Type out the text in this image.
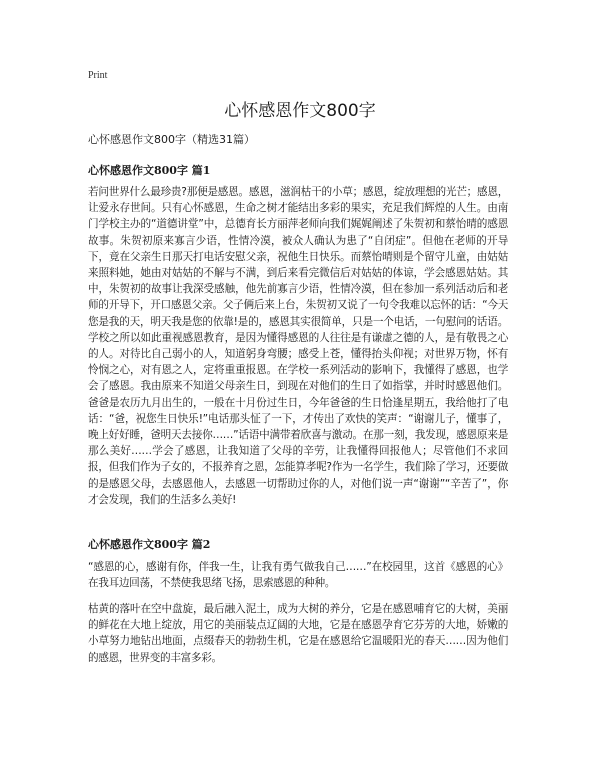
Print
心怀感恩作文800字

心怀感恩作文800字（精选31篇）

心怀感恩作文800字 篇1

若问世界什么最珍贵?那便是感恩。感恩，滋润枯干的小草；感恩，绽放理想的光芒；感恩，让爱永存世间。只有心怀感恩，生命之树才能结出多彩的果实，充足我们辉煌的人生。由南门学校主办的“道德讲堂”中，总德育长方丽萍老师向我们娓娓阐述了朱贺初和蔡怡晴的感恩故事。朱贺初原来寡言少语，性情冷漠，被众人确认为患了“自闭症”。但他在老师的开导下，竟在父亲生日那天打电话安慰父亲，祝他生日快乐。而蔡怡晴则是个留守儿童，由姑姑来照料她，她由对姑姑的不解与不满，到后来看完微信后对姑姑的体谅，学会感恩姑姑。其中，朱贺初的故事让我深受感触，他先前寡言少语，性情冷漠，但在参加一系列活动后和老师的开导下，开口感恩父亲。父子俩后来上台，朱贺初又说了一句令我难以忘怀的话：“今天您是我的天，明天我是您的依靠!是的，感恩其实很简单，只是一个电话，一句慰问的话语。学校之所以如此重视感恩教育，是因为懂得感恩的人往往是有谦虚之德的人，是有敬畏之心的人。对待比自己弱小的人，知道躬身弯腰；感受上苍，懂得抬头仰视；对世界万物，怀有怜悯之心，对有恩之人，定将重重报恩。在学校一系列活动的影响下，我懂得了感恩，也学会了感恩。我由原来不知道父母亲生日，到现在对他们的生日了如指掌，并时时感恩他们。爸爸是农历九月出生的，一般在十月份过生日，今年爸爸的生日恰逢星期五，我给他打了电话：“爸，祝您生日快乐!”电话那头怔了一下，才传出了欢快的笑声：“谢谢儿子，懂事了，晚上好好睡，爸明天去接你……”话语中满带着欣喜与激动。在那一刻，我发现，感恩原来是那么美好……学会了感恩，让我知道了父母的辛劳，让我懂得回报他人；尽管他们不求回报，但我们作为子女的，不报养育之恩，怎能算孝呢?作为一名学生，我们除了学习，还要做的是感恩父母，去感恩他人，去感恩一切帮助过你的人，对他们说一声“谢谢”“辛苦了”，你才会发现，我们的生活多么美好!

心怀感恩作文800字 篇2

“感恩的心，感谢有你，伴我一生，让我有勇气做我自己……”在校园里，这首《感恩的心》在我耳边回荡，不禁使我思绪飞扬，思索感恩的种种。

枯黄的落叶在空中盘旋，最后融入泥土，成为大树的养分，它是在感恩哺育它的大树，美丽的鲜花在大地上绽放，用它的美丽装点辽阔的大地，它是在感恩孕育它芬芳的大地，娇嫩的小草努力地钻出地面，点缀春天的勃勃生机，它是在感恩给它温暖阳光的春天……因为他们的感恩，世界变的丰富多彩。
